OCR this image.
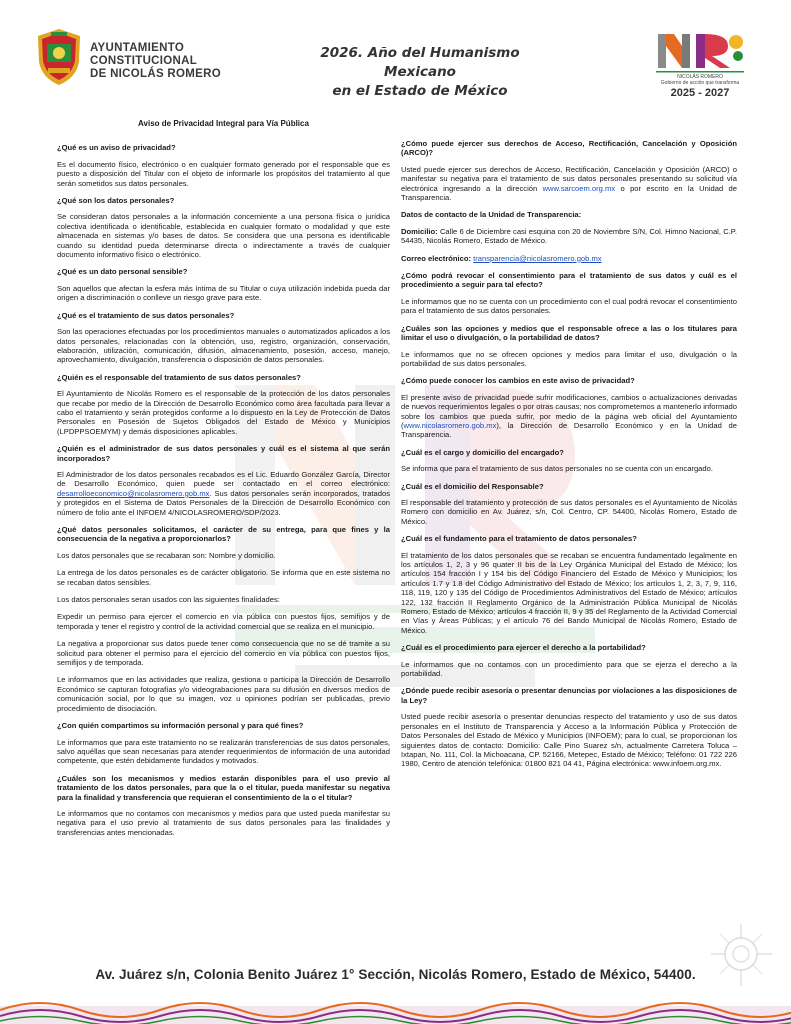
AYUNTAMIENTO
CONSTITUCIONAL
DE NICOLÁS ROMERO
2026. Año del Humanismo Mexicano
en el Estado de México
NICOLÁS ROMERO
Gobierno de acción que transforma
2025 - 2027
Aviso de Privacidad Integral para Vía Pública
¿Qué es un aviso de privacidad?
Es el documento físico, electrónico o en cualquier formato generado por el responsable que es puesto a disposición del Titular con el objeto de informarle los propósitos del tratamiento al que serán sometidos sus datos personales.
¿Qué son los datos personales?
Se consideran datos personales a la información concerniente a una persona física o jurídica colectiva identificada o identificable, establecida en cualquier formato o modalidad y que este almacenada en sistemas y/o bases de datos. Se considera que una persona es identificable cuando su identidad pueda determinarse directa o indirectamente a través de cualquier documento informativo físico o electrónico.
¿Qué es un dato personal sensible?
Son aquellos que afectan la esfera más íntima de su Titular o cuya utilización indebida pueda dar origen a discriminación o conlleve un riesgo grave para este.
¿Qué es el tratamiento de sus datos personales?
Son las operaciones efectuadas por los procedimientos manuales o automatizados aplicados a los datos personales, relacionadas con la obtención, uso, registro, organización, conservación, elaboración, utilización, comunicación, difusión, almacenamiento, posesión, acceso, manejo, aprovechamiento, divulgación, transferencia o disposición de datos personales.
¿Quién es el responsable del tratamiento de sus datos personales?
El Ayuntamiento de Nicolás Romero es el responsable de la protección de los datos personales que recabe por medio de la Dirección de Desarrollo Económico como área facultada para llevar a cabo el tratamiento y serán protegidos conforme a lo dispuesto en la Ley de Protección de Datos Personales en Posesión de Sujetos Obligados del Estado de México y Municipios (LPDPPSOEMYM) y demás disposiciones aplicables.
¿Quién es el administrador de sus datos personales y cuál es el sistema al que serán incorporados?
El Administrador de los datos personales recabados es el Lic. Eduardo González García, Director de Desarrollo Económico, quien puede ser contactado en el correo electrónico: desarrolloeconomico@nicolasromero.gob.mx. Sus datos personales serán incorporados, tratados y protegidos en el Sistema de Datos Personales de la Dirección de Desarrollo Económico con número de folio ante el INFOEM 4/NICOLASROMERO/SDP/2023.
¿Qué datos personales solicitamos, el carácter de su entrega, para que fines y la consecuencia de la negativa a proporcionarlos?
Los datos personales que se recabaran son: Nombre y domicilio.
La entrega de los datos personales es de carácter obligatorio. Se informa que en este sistema no se recaban datos sensibles.
Los datos personales seran usados con las siguientes finalidades:
Expedir un permiso para ejercer el comercio en vía pública con puestos fijos, semifijos y de temporada y tener el registro y control de la actividad comercial que se realiza en el municipio.
La negativa a proporcionar sus datos puede tener como consecuencia que no se dé tramite a su solicitud para obtener el permiso para el ejercicio del comercio en vía pública con puestos fijos, semifijos y de temporada.
Le informamos que en las actividades que realiza, gestiona o participa la Dirección de Desarrollo Económico se capturan fotografías y/o videograbaciones para su difusión en diversos medios de comunicación social, por lo que su imagen, voz u opiniones podrían ser publicadas, previo procedimiento de disociación.
¿Con quién compartimos su información personal y para qué fines?
Le informamos que para este tratamiento no se realizarán transferencias de sus datos personales, salvo aquéllas que sean necesarias para atender requerimientos de información de una autoridad competente, que estén debidamente fundados y motivados.
¿Cuáles son los mecanismos y medios estarán disponibles para el uso previo al tratamiento de los datos personales, para que la o el titular, pueda manifestar su negativa para la finalidad y transferencia que requieran el consentimiento de la o el titular?
Le informamos que no contamos con mecanismos y medios para que usted pueda manifestar su negativa para el uso previo al tratamiento de sus datos personales para las finalidades y transferencias antes mencionadas.
¿Cómo puede ejercer sus derechos de Acceso, Rectificación, Cancelación y Oposición (ARCO)?
Usted puede ejercer sus derechos de Acceso, Rectificación, Cancelación y Oposición (ARCO) o manifestar su negativa para el tratamiento de sus datos personales presentando su solicitud vía electrónica ingresando a la dirección www.sarcoem.org.mx o por escrito en la Unidad de Transparencia.
Datos de contacto de la Unidad de Transparencia:
Domicilio: Calle 6 de Diciembre casi esquina con 20 de Noviembre S/N, Col. Himno Nacional, C.P. 54435, Nicolás Romero, Estado de México.
Correo electrónico: transparencia@nicolasromero.gob.mx
¿Cómo podrá revocar el consentimiento para el tratamiento de sus datos y cuál es el procedimiento a seguir para tal efecto?
Le informamos que no se cuenta con un procedimiento con el cual podrá revocar el consentimiento para el tratamiento de sus datos personales.
¿Cuáles son las opciones y medios que el responsable ofrece a las o los titulares para limitar el uso o divulgación, o la portabilidad de datos?
Le informamos que no se ofrecen opciones y medios para limitar el uso, divulgación o la portabilidad de sus datos personales.
¿Cómo puede conocer los cambios en este aviso de privacidad?
El presente aviso de privacidad puede sufrir modificaciones, cambios o actualizaciones derivadas de nuevos requerimientos legales o por otras causas; nos comprometemos a mantenerlo informado sobre los cambios que pueda sufrir, por medio de la página web oficial del Ayuntamiento (www.nicolasromero.gob.mx), la Dirección de Desarrollo Económico y en la Unidad de Transparencia.
¿Cuál es el cargo y domicilio del encargado?
Se informa que para el tratamiento de sus datos personales no se cuenta con un encargado.
¿Cuál es el domicilio del Responsable?
El responsable del tratamiento y protección de sus datos personales es el Ayuntamiento de Nicolás Romero con domicilio en Av. Juárez, s/n, Col. Centro, CP. 54400, Nicolás Romero, Estado de México.
¿Cuál es el fundamento para el tratamiento de datos personales?
El tratamiento de los datos personales que se recaban se encuentra fundamentado legalmente en los artículos 1, 2, 3 y 96 quater II bis de la Ley Orgánica Municipal del Estado de México; los artículos 154 fracción I y 154 bis del Código Financiero del Estado de México y Municipios; los artículos 1.7 y 1.8 del Código Administrativo del Estado de México; los artículos 1, 2, 3, 7, 9, 116, 118, 119, 120 y 135 del Código de Procedimientos Administrativos del Estado de México; artículos 122, 132 fracción II Reglamento Orgánico de la Administración Pública Municipal de Nicolás Romero, Estado de México; artículos 4 fracción II, 9 y 35 del Reglamento de la Actividad Comercial en Vías y Áreas Públicas; y el artículo 76 del Bando Municipal de Nicolás Romero, Estado de México.
¿Cuál es el procedimiento para ejercer el derecho a la portabilidad?
Le informamos que no contamos con un procedimiento para que se ejerza el derecho a la portabilidad.
¿Dónde puede recibir asesoría o presentar denuncias por violaciones a las disposiciones de la Ley?
Usted puede recibir asesoría o presentar denuncias respecto del tratamiento y uso de sus datos personales en el Instituto de Transparencia y Acceso a la Información Pública y Protección de Datos Personales del Estado de México y Municipios (INFOEM); para lo cual, se proporcionan los siguientes datos de contacto: Domicilio: Calle Pino Suarez s/n, actualmente Carretera Toluca – Ixtapan, No. 111, Col. la Michoacana, CP. 52166, Metepec, Estado de México; Teléfono: 01 722 226 1980, Centro de atención telefónica: 01800 821 04 41, Página electrónica: www.infoem.org.mx.
Av. Juárez s/n, Colonia Benito Juárez 1° Sección, Nicolás Romero, Estado de México, 54400.
